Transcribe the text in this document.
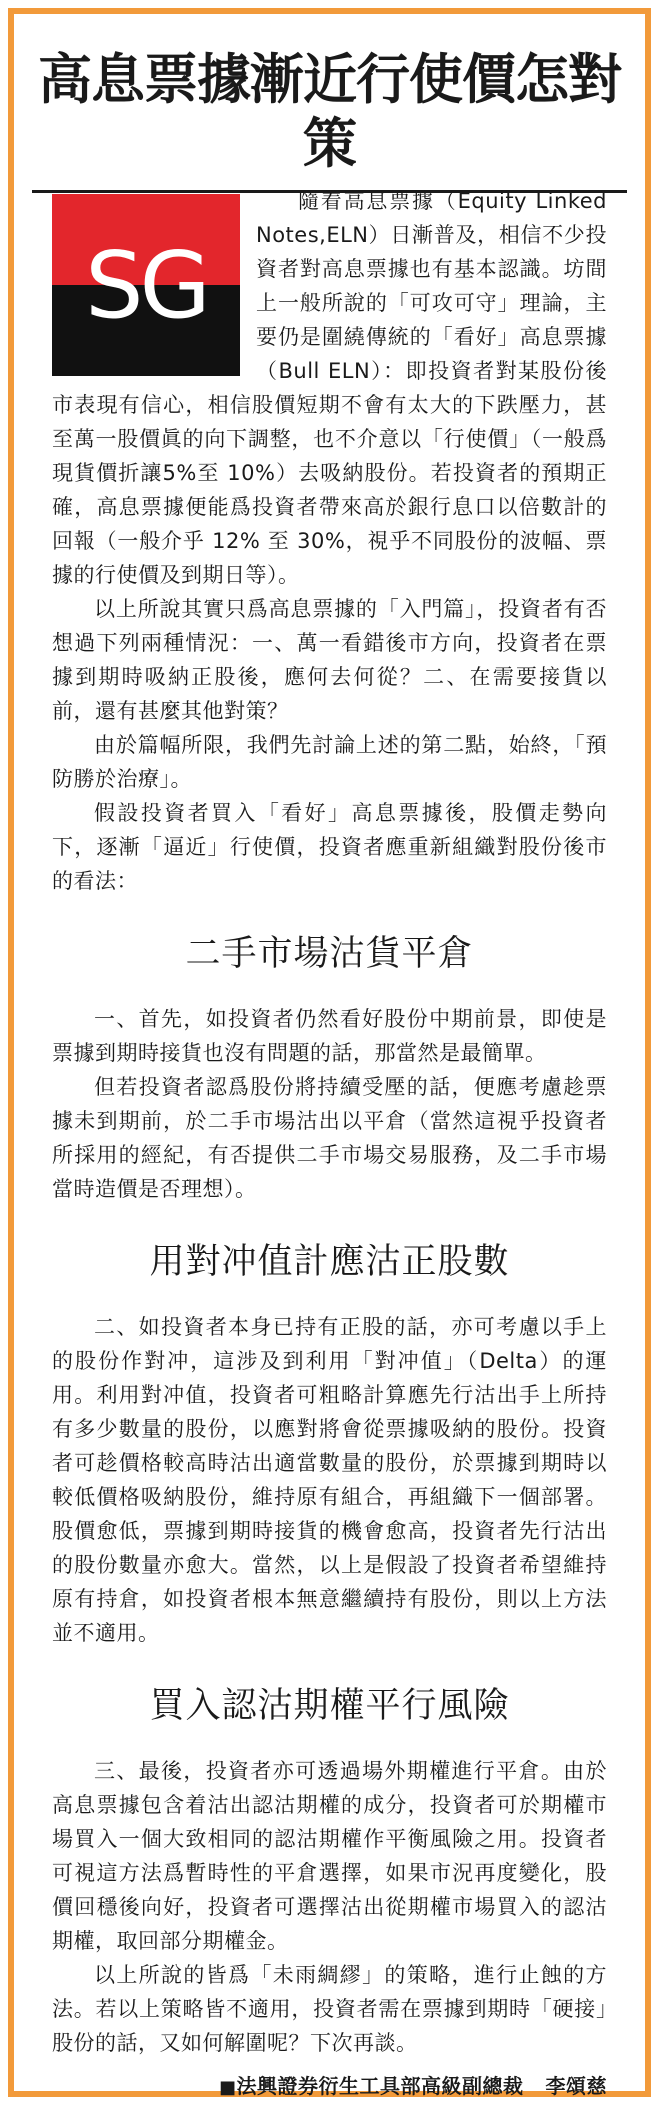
高息票據漸近行使價怎對策
SG

隨着高息票據（Equity Linked Notes,ELN）日漸普及，相信不少投資者對高息票據也有基本認識。坊間上一般所說的「可攻可守」理論，主要仍是圍繞傳統的「看好」高息票據（Bull ELN）：即投資者對某股份後市表現有信心，相信股價短期不會有太大的下跌壓力，甚至萬一股價眞的向下調整，也不介意以「行使價」（一般爲現貨價折讓5%至 10%）去吸納股份。若投資者的預期正確，高息票據便能爲投資者帶來高於銀行息口以倍數計的回報（一般介乎 12% 至 30%，視乎不同股份的波幅、票據的行使價及到期日等）。

以上所說其實只爲高息票據的「入門篇」，投資者有否想過下列兩種情況：一、萬一看錯後市方向，投資者在票據到期時吸納正股後，應何去何從？二、在需要接貨以前，還有甚麼其他對策？

由於篇幅所限，我們先討論上述的第二點，始終，「預防勝於治療」。

假設投資者買入「看好」高息票據後，股價走勢向下，逐漸「逼近」行使價，投資者應重新組織對股份後市的看法：

二手市場沽貨平倉

一、首先，如投資者仍然看好股份中期前景，即使是票據到期時接貨也沒有問題的話，那當然是最簡單。

但若投資者認爲股份將持續受壓的話，便應考慮趁票據未到期前，於二手市場沽出以平倉（當然這視乎投資者所採用的經紀，有否提供二手市場交易服務，及二手市場當時造價是否理想）。

用對冲值計應沽正股數

二、如投資者本身已持有正股的話，亦可考慮以手上的股份作對冲，這涉及到利用「對冲值」（Delta）的運用。利用對冲值，投資者可粗略計算應先行沽出手上所持有多少數量的股份，以應對將會從票據吸納的股份。投資者可趁價格較高時沽出適當數量的股份，於票據到期時以較低價格吸納股份，維持原有組合，再組織下一個部署。股價愈低，票據到期時接貨的機會愈高，投資者先行沽出的股份數量亦愈大。當然，以上是假設了投資者希望維持原有持倉，如投資者根本無意繼續持有股份，則以上方法並不適用。

買入認沽期權平行風險

三、最後，投資者亦可透過場外期權進行平倉。由於高息票據包含着沽出認沽期權的成分，投資者可於期權市場買入一個大致相同的認沽期權作平衡風險之用。投資者可視這方法爲暫時性的平倉選擇，如果市況再度變化，股價回穩後向好，投資者可選擇沽出從期權市場買入的認沽期權，取回部分期權金。

以上所說的皆爲「未雨綢繆」的策略，進行止蝕的方法。若以上策略皆不適用，投資者需在票據到期時「硬接」股份的話，又如何解圍呢？下次再談。

■法興證券衍生工具部高級副總裁 李頌慈
